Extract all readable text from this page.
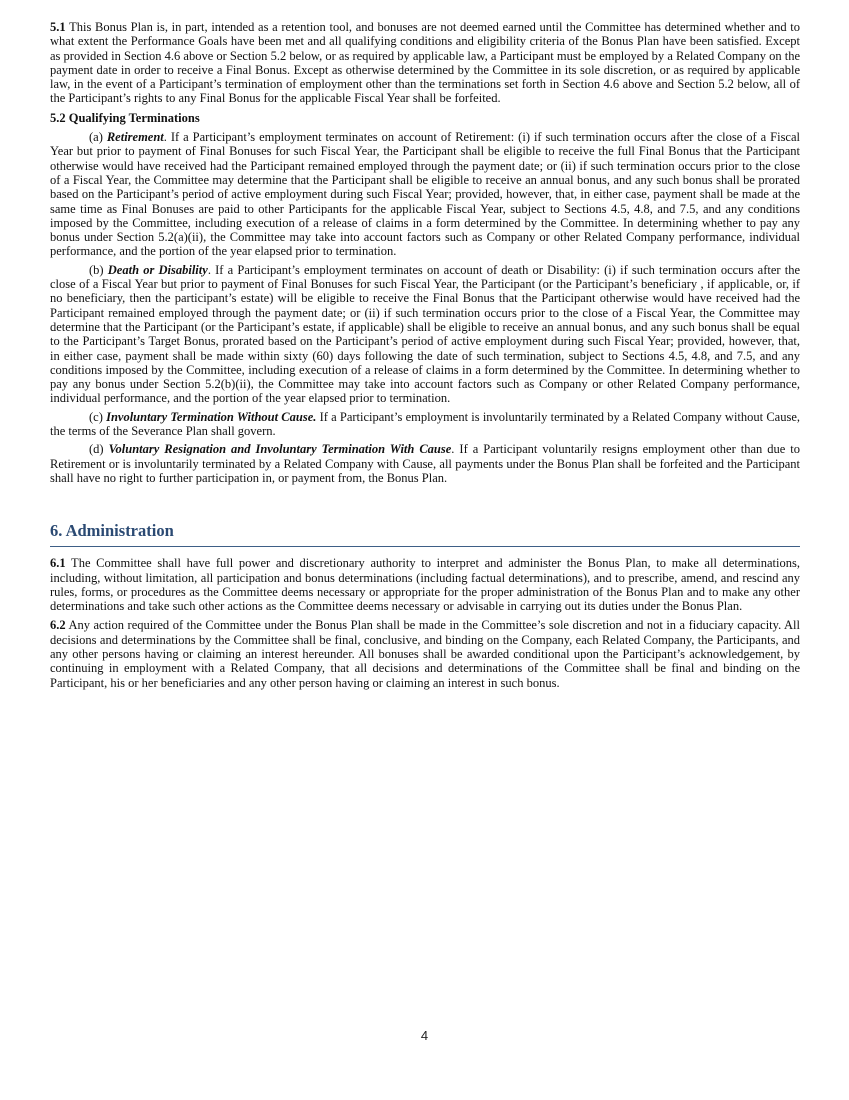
5.1 This Bonus Plan is, in part, intended as a retention tool, and bonuses are not deemed earned until the Committee has determined whether and to what extent the Performance Goals have been met and all qualifying conditions and eligibility criteria of the Bonus Plan have been satisfied. Except as provided in Section 4.6 above or Section 5.2 below, or as required by applicable law, a Participant must be employed by a Related Company on the payment date in order to receive a Final Bonus. Except as otherwise determined by the Committee in its sole discretion, or as required by applicable law, in the event of a Participant’s termination of employment other than the terminations set forth in Section 4.6 above and Section 5.2 below, all of the Participant’s rights to any Final Bonus for the applicable Fiscal Year shall be forfeited.

5.2 Qualifying Terminations

(a) Retirement. If a Participant’s employment terminates on account of Retirement: (i) if such termination occurs after the close of a Fiscal Year but prior to payment of Final Bonuses for such Fiscal Year, the Participant shall be eligible to receive the full Final Bonus that the Participant otherwise would have received had the Participant remained employed through the payment date; or (ii) if such termination occurs prior to the close of a Fiscal Year, the Committee may determine that the Participant shall be eligible to receive an annual bonus, and any such bonus shall be prorated based on the Participant’s period of active employment during such Fiscal Year; provided, however, that, in either case, payment shall be made at the same time as Final Bonuses are paid to other Participants for the applicable Fiscal Year, subject to Sections 4.5, 4.8, and 7.5, and any conditions imposed by the Committee, including execution of a release of claims in a form determined by the Committee. In determining whether to pay any bonus under Section 5.2(a)(ii), the Committee may take into account factors such as Company or other Related Company performance, individual performance, and the portion of the year elapsed prior to termination.

(b) Death or Disability. If a Participant’s employment terminates on account of death or Disability: (i) if such termination occurs after the close of a Fiscal Year but prior to payment of Final Bonuses for such Fiscal Year, the Participant (or the Participant’s beneficiary , if applicable, or, if no beneficiary, then the participant’s estate) will be eligible to receive the Final Bonus that the Participant otherwise would have received had the Participant remained employed through the payment date; or (ii) if such termination occurs prior to the close of a Fiscal Year, the Committee may determine that the Participant (or the Participant’s estate, if applicable) shall be eligible to receive an annual bonus, and any such bonus shall be equal to the Participant’s Target Bonus, prorated based on the Participant’s period of active employment during such Fiscal Year; provided, however, that, in either case, payment shall be made within sixty (60) days following the date of such termination, subject to Sections 4.5, 4.8, and 7.5, and any conditions imposed by the Committee, including execution of a release of claims in a form determined by the Committee. In determining whether to pay any bonus under Section 5.2(b)(ii), the Committee may take into account factors such as Company or other Related Company performance, individual performance, and the portion of the year elapsed prior to termination.

(c) Involuntary Termination Without Cause. If a Participant’s employment is involuntarily terminated by a Related Company without Cause, the terms of the Severance Plan shall govern.

(d) Voluntary Resignation and Involuntary Termination With Cause. If a Participant voluntarily resigns employment other than due to Retirement or is involuntarily terminated by a Related Company with Cause, all payments under the Bonus Plan shall be forfeited and the Participant shall have no right to further participation in, or payment from, the Bonus Plan.

6. Administration

6.1 The Committee shall have full power and discretionary authority to interpret and administer the Bonus Plan, to make all determinations, including, without limitation, all participation and bonus determinations (including factual determinations), and to prescribe, amend, and rescind any rules, forms, or procedures as the Committee deems necessary or appropriate for the proper administration of the Bonus Plan and to make any other determinations and take such other actions as the Committee deems necessary or advisable in carrying out its duties under the Bonus Plan.

6.2 Any action required of the Committee under the Bonus Plan shall be made in the Committee’s sole discretion and not in a fiduciary capacity. All decisions and determinations by the Committee shall be final, conclusive, and binding on the Company, each Related Company, the Participants, and any other persons having or claiming an interest hereunder. All bonuses shall be awarded conditional upon the Participant’s acknowledgement, by continuing in employment with a Related Company, that all decisions and determinations of the Committee shall be final and binding on the Participant, his or her beneficiaries and any other person having or claiming an interest in such bonus.

4
